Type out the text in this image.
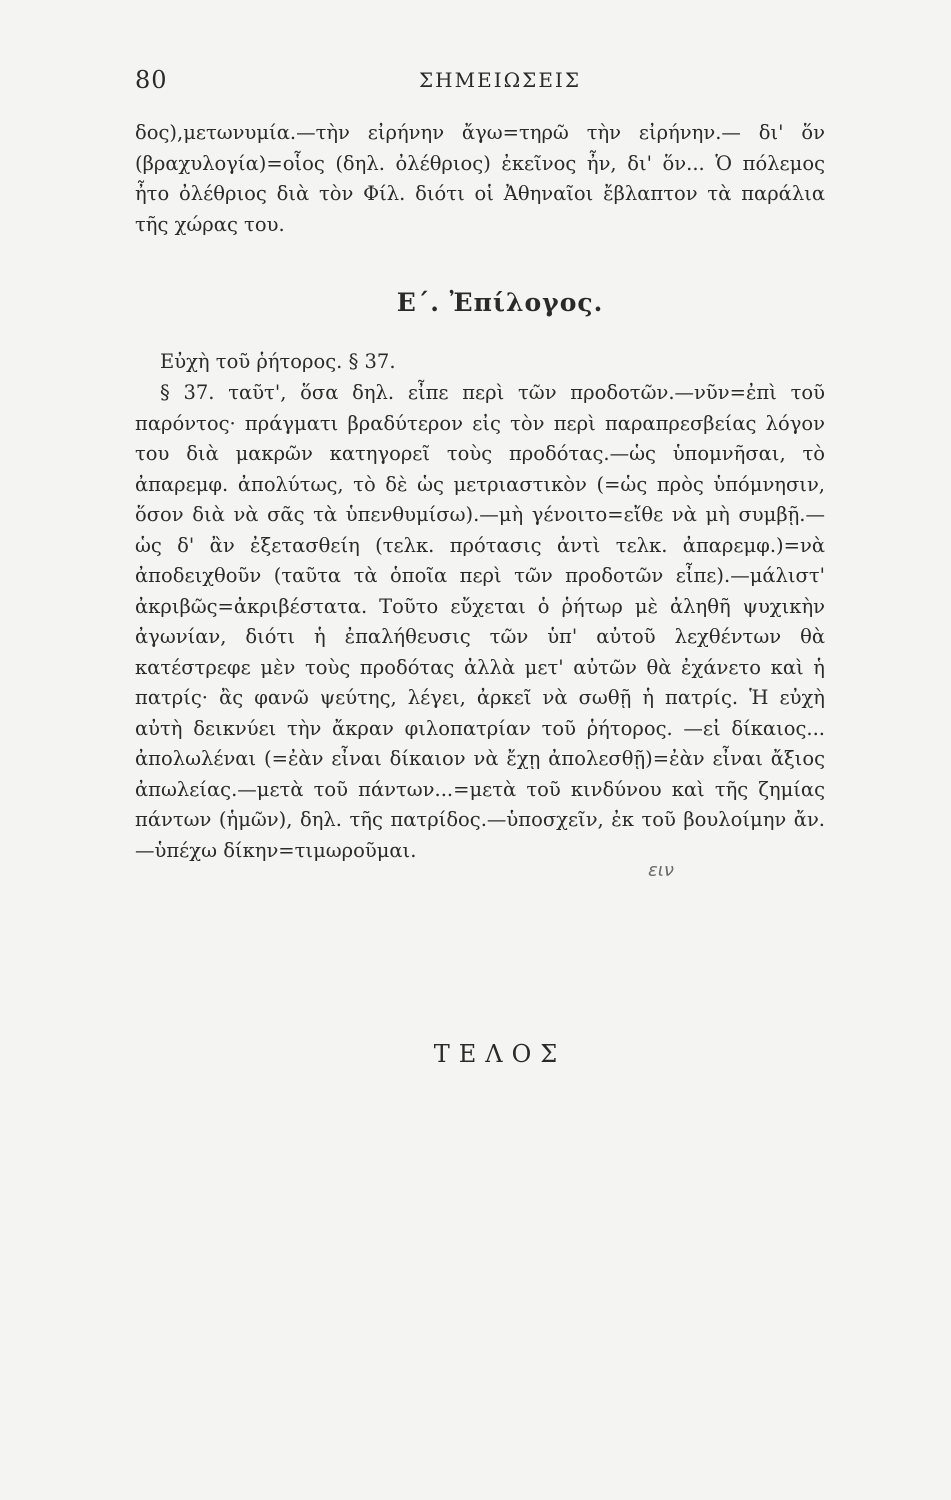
80	ΣΗΜΕΙΩΣΕΙΣ

δος),μετωνυμία.—τὴν εἰρήνην ἄγω=τηρῶ τὴν εἰρήνην.— δι' ὅν (βραχυλογία)=οἷος (δηλ. ὀλέθριος) ἐκεῖνος ἦν, δι' ὅν... Ὁ πόλεμος ἦτο ὀλέθριος διὰ τὸν Φίλ. διότι οἱ Ἀθηναῖοι ἔβλαπτον τὰ παράλια τῆς χώρας του.

Ε΄. Ἐπίλογος.

Εὐχὴ τοῦ ῥήτορος. § 37.

§ 37. ταῦτ', ὅσα δηλ. εἶπε περὶ τῶν προδοτῶν.—νῦν=ἐπὶ τοῦ παρόντος· πράγματι βραδύτερον εἰς τὸν περὶ παραπρεσβείας λόγον του διὰ μακρῶν κατηγορεῖ τοὺς προδότας.—ὡς ὑπομνῆσαι, τὸ ἀπαρεμφ. ἀπολύτως, τὸ δὲ ὡς μετριαστικὸν (=ὡς πρὸς ὑπόμνησιν, ὅσον διὰ νὰ σᾶς τὰ ὑπενθυμίσω).—μὴ γένοιτο=εἴθε νὰ μὴ συμβῇ.—ὡς δ' ἂν ἐξετασθείη (τελκ. πρότασις ἀντὶ τελκ. ἀπαρεμφ.)=νὰ ἀποδειχθοῦν (ταῦτα τὰ ὁποῖα περὶ τῶν προδοτῶν εἶπε).—μάλιστ' ἀκριβῶς=ἀκριβέστατα. Τοῦτο εὔχεται ὁ ῥήτωρ μὲ ἀληθῆ ψυχικὴν ἀγωνίαν, διότι ἡ ἐπαλήθευσις τῶν ὑπ' αὐτοῦ λεχθέντων θὰ κατέστρεφε μὲν τοὺς προδότας ἀλλὰ μετ' αὐτῶν θὰ ἐχάνετο καὶ ἡ πατρίς· ἂς φανῶ ψεύτης, λέγει, ἀρκεῖ νὰ σωθῇ ἡ πατρίς. Ἡ εὐχὴ αὐτὴ δεικνύει τὴν ἄκραν φιλοπατρίαν τοῦ ῥήτορος. —εἰ δίκαιος... ἀπολωλέναι (=ἐὰν εἶναι δίκαιον νὰ ἔχῃ ἀπολεσθῇ)=ἐὰν εἶναι ἄξιος ἀπωλείας.—μετὰ τοῦ πάντων...=μετὰ τοῦ κινδύνου καὶ τῆς ζημίας πάντων (ἡμῶν), δηλ. τῆς πατρίδος.—ὑποσχεῖν, ἐκ τοῦ βουλοίμην ἄν.—ὑπέχω δίκην=τιμωροῦμαι.

ειν
ΤΕΛΟΣ
